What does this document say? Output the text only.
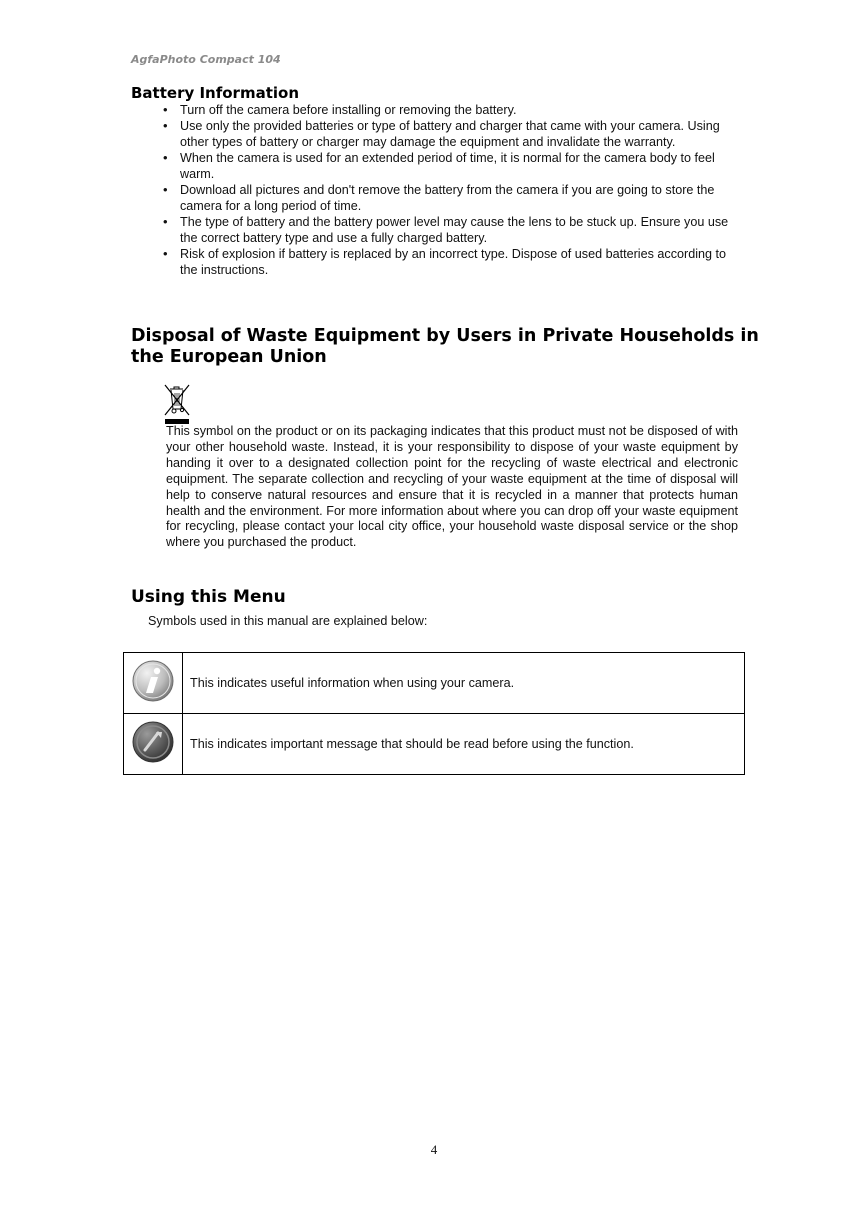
AgfaPhoto Compact 104
Battery Information
• Turn off the camera before installing or removing the battery.
• Use only the provided batteries or type of battery and charger that came with your camera. Using other types of battery or charger may damage the equipment and invalidate the warranty.
• When the camera is used for an extended period of time, it is normal for the camera body to feel warm.
• Download all pictures and don't remove the battery from the camera if you are going to store the camera for a long period of time.
• The type of battery and the battery power level may cause the lens to be stuck up. Ensure you use the correct battery type and use a fully charged battery.
• Risk of explosion if battery is replaced by an incorrect type. Dispose of used batteries according to the instructions.
Disposal of Waste Equipment by Users in Private Households in the European Union

This symbol on the product or on its packaging indicates that this product must not be disposed of with your other household waste. Instead, it is your responsibility to dispose of your waste equipment by handing it over to a designated collection point for the recycling of waste electrical and electronic equipment. The separate collection and recycling of your waste equipment at the time of disposal will help to conserve natural resources and ensure that it is recycled in a manner that protects human health and the environment. For more information about where you can drop off your waste equipment for recycling, please contact your local city office, your household waste disposal service or the shop where you purchased the product.

Using this Menu

Symbols used in this manual are explained below:

	This indicates useful information when using your camera.
	This indicates important message that should be read before using the function.
4
